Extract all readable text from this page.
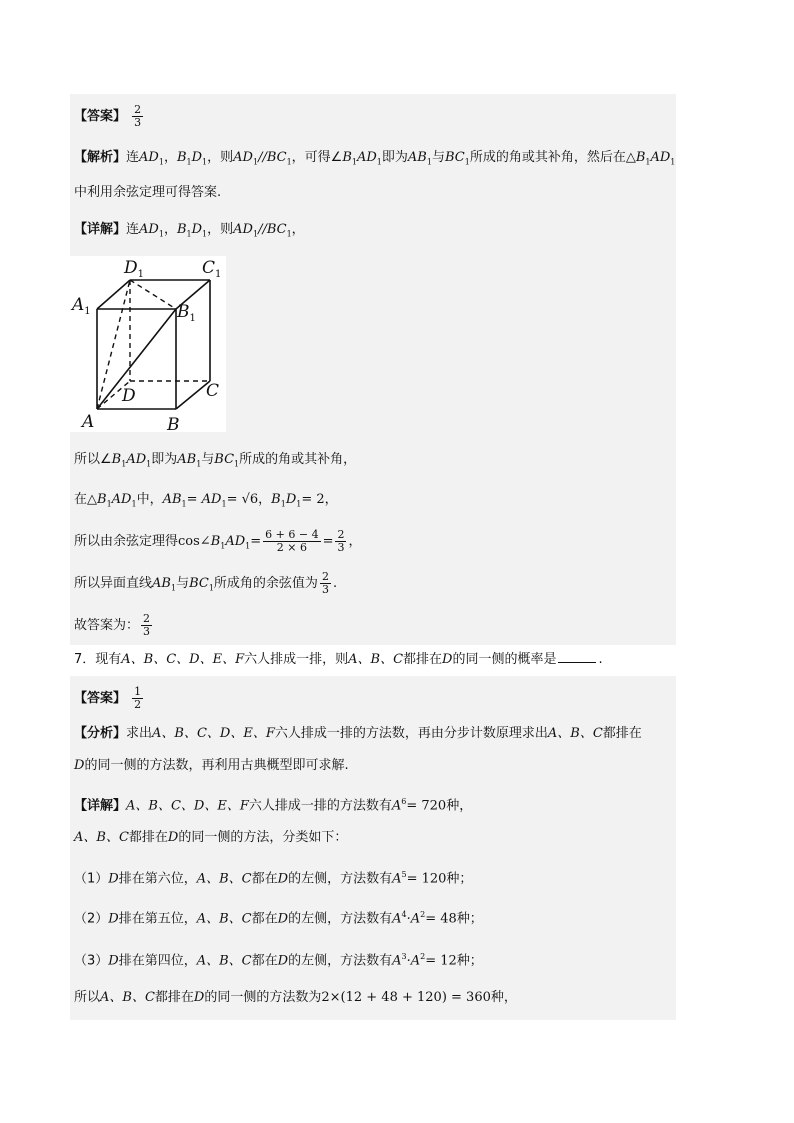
【答案】 $\frac{2}{3}$
【解析】连$AD_1$，$B_1D_1$，则$AD_1//BC_1$，可得$\angle B_1AD_1$即为$AB_1$与$BC_1$所成的角或其补角，然后在$\triangle B_1AD_1$
中利用余弦定理可得答案.
【详解】连$AD_1$，$B_1D_1$，则$AD_1//BC_1$，
$D_1$	$C_1$
$A_1$	$B_1$
D	C
A	B
所以$\angle B_1AD_1$即为$AB_1$与$BC_1$所成的角或其补角，
在$\triangle B_1AD_1$中，$AB_1= AD_1= √6$，$B_1D_1= 2$，
所以由余弦定理得$\cos\angle B_1AD_1= \frac{6 + 6 - 4}{2 \times 6} = \frac{2}{3}$ ，
所以异面直线$AB_1$与$BC_1$所成角的余弦值为 $\frac{2}{3}$ .
故答案为： $\frac{2}{3}$
7．现有A、B、C、D、E、F六人排成一排，则A、B、C都排在D的同一侧的概率是	.
【答案】 $\frac{1}{2}$
【分析】求出A、B、C、D、E、F六人排成一排的方法数，再由分步计数原理求出A、B、C都排在
D的同一侧的方法数，再利用古典概型即可求解.
【详解】A、B、C、D、E、F六人排成一排的方法数有$A^6= 720$种，
A、B、C都排在D的同一侧的方法，分类如下：
（1）D排在第六位，A、B、C都在D的左侧，方法数有$A^5= 120$种；
（2）D排在第五位，A、B、C都在D的左侧，方法数有$A^4\cdot A^2= 48$种；
（3）D排在第四位，A、B、C都在D的左侧，方法数有$A^3\cdot A^2= 12$种；
所以A、B、C都排在D的同一侧的方法数为2×(12 + 48 + 120) = 360种，
